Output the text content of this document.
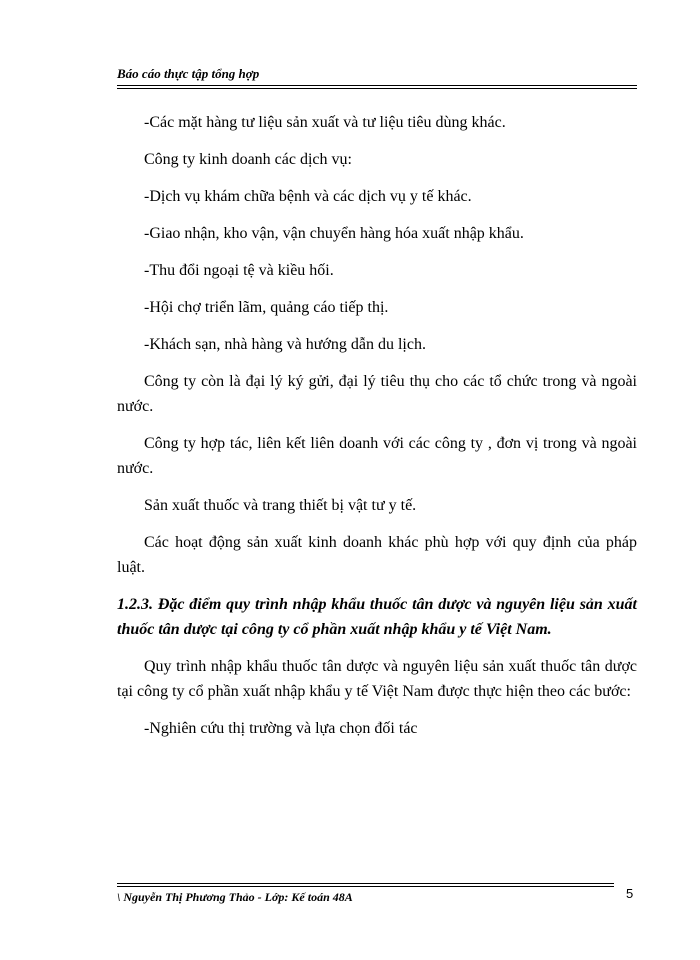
Báo cáo thực tập tổng hợp

-Các mặt hàng tư liệu sản xuất và tư liệu tiêu dùng khác.

Công ty kinh doanh các dịch vụ:

-Dịch vụ khám chữa bệnh và các dịch vụ y tế khác.

-Giao nhận, kho vận, vận chuyển hàng hóa xuất nhập khẩu.

-Thu đổi ngoại tệ và kiều hối.

-Hội chợ triển lãm, quảng cáo tiếp thị.

-Khách sạn, nhà hàng và hướng dẫn du lịch.

Công ty còn là đại lý ký gửi, đại lý tiêu thụ cho các tổ chức trong và ngoài nước.

Công ty hợp tác, liên kết liên doanh với các công ty , đơn vị trong và ngoài nước.

Sản xuất thuốc và trang thiết bị vật tư y tế.

Các hoạt động sản xuất kinh doanh khác phù hợp với quy định của pháp luật.

1.2.3. Đặc điểm quy trình nhập khẩu thuốc tân dược và nguyên liệu sản xuất thuốc tân dược tại công ty cổ phần xuất nhập khẩu y tế Việt Nam.

Quy trình nhập khẩu thuốc tân dược và nguyên liệu sản xuất thuốc tân dược tại công ty cổ phần xuất nhập khẩu y tế Việt Nam được thực hiện theo các bước:

-Nghiên cứu thị trường và lựa chọn đối tác

\ Nguyễn Thị Phương Thảo - Lớp: Kế toán 48A	5
